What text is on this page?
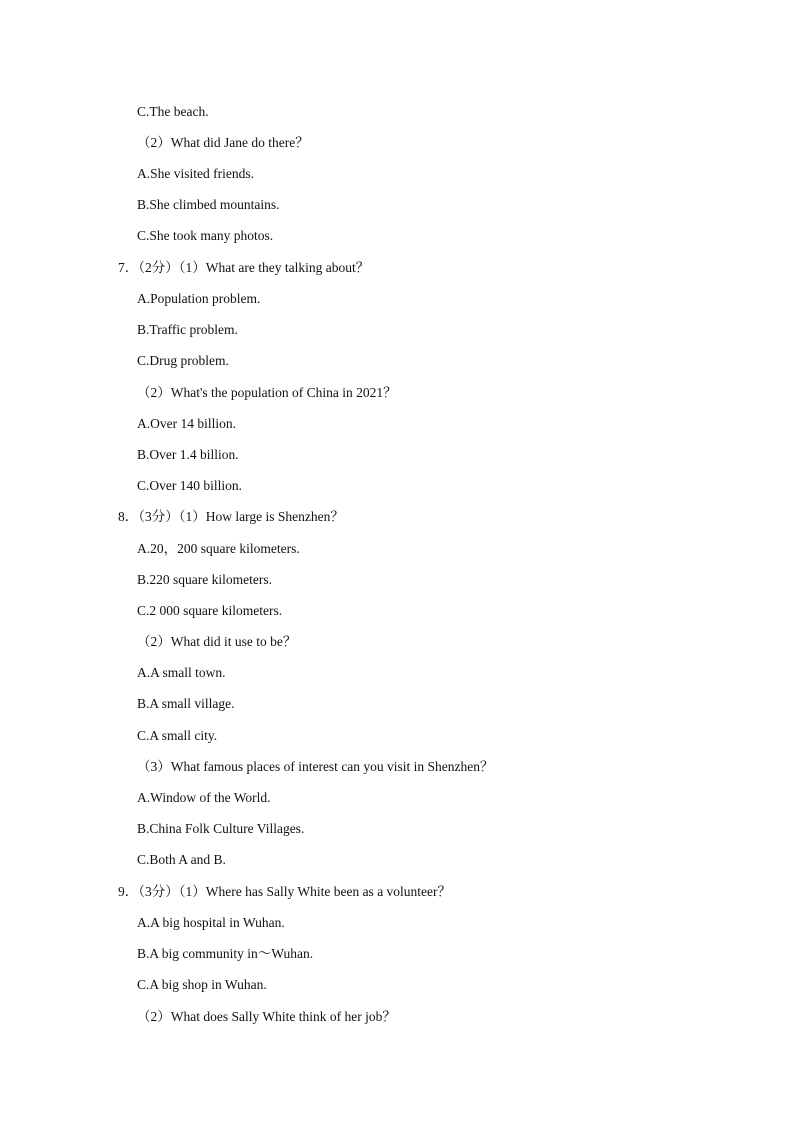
C.The beach.
（2）What did Jane do there？
A.She visited friends.
B.She climbed mountains.
C.She took many photos.
7．（2分）（1）What are they talking about？
A.Population problem.
B.Traffic problem.
C.Drug problem.
（2）What's the population of China in 2021？
A.Over 14 billion.
B.Over 1.4 billion.
C.Over 140 billion.
8．（3分）（1）How large is Shenzhen？
A.20，200 square kilometers.
B.220 square kilometers.
C.2 000 square kilometers.
（2）What did it use to be？
A.A small town.
B.A small village.
C.A small city.
（3）What famous places of interest can you visit in Shenzhen？
A.Window of the World.
B.China Folk Culture Villages.
C.Both A and B.
9．（3分）（1）Where has Sally White been as a volunteer？
A.A big hospital in Wuhan.
B.A big community in～Wuhan.
C.A big shop in Wuhan.
（2）What does Sally White think of her job？
